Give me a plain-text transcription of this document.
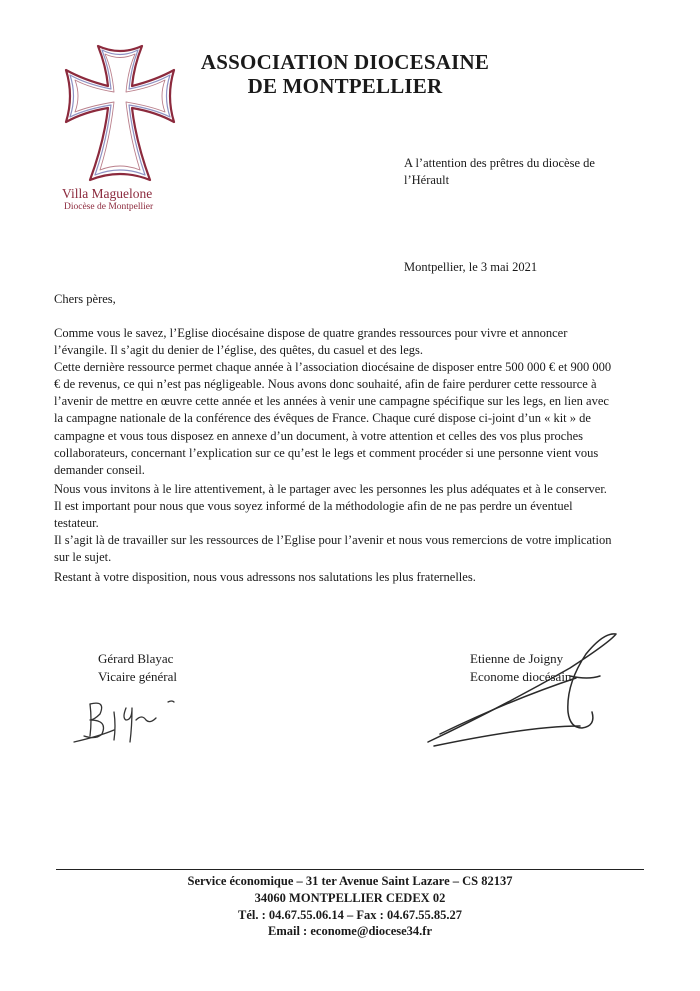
Villa Maguelone
Diocèse de Montpellier
ASSOCIATION DIOCESAINE
DE MONTPELLIER
A l’attention des prêtres du diocèse de
l’Hérault
Montpellier, le 3 mai 2021
Chers pères,

Comme vous le savez, l’Eglise diocésaine dispose de quatre grandes ressources pour vivre et annoncer

l’évangile. Il s’agit du denier de l’église, des quêtes, du casuel et des legs.

Cette dernière ressource permet chaque année à l’association diocésaine de disposer entre 500 000 € et 900 000

€ de revenus, ce qui n’est pas négligeable. Nous avons donc souhaité, afin de faire perdurer cette ressource à

l’avenir de mettre en œuvre cette année et les années à venir une campagne spécifique sur les legs, en lien avec

la campagne nationale de la conférence des évêques de France. Chaque curé dispose ci-joint d’un « kit » de

campagne et vous tous disposez en annexe d’un document, à votre attention et celles des vos plus proches

collaborateurs, concernant l’explication sur ce qu’est le legs et comment procéder si une personne vient vous

demander conseil.

Nous vous invitons à le lire attentivement, à le partager avec les personnes les plus adéquates et à le conserver.

Il est important pour nous que vous soyez informé de la méthodologie afin de ne pas perdre un éventuel

testateur.

Il s’agit là de travailler sur les ressources de l’Eglise pour l’avenir et nous vous remercions de votre implication

sur le sujet.

Restant à votre disposition, nous vous adressons nos salutations les plus fraternelles.
Gérard Blayac
Vicaire général
Etienne de Joigny
Econome diocésain
Service économique – 31 ter Avenue Saint Lazare – CS 82137
34060 MONTPELLIER CEDEX 02
Tél. : 04.67.55.06.14 – Fax : 04.67.55.85.27
Email : econome@diocese34.fr
